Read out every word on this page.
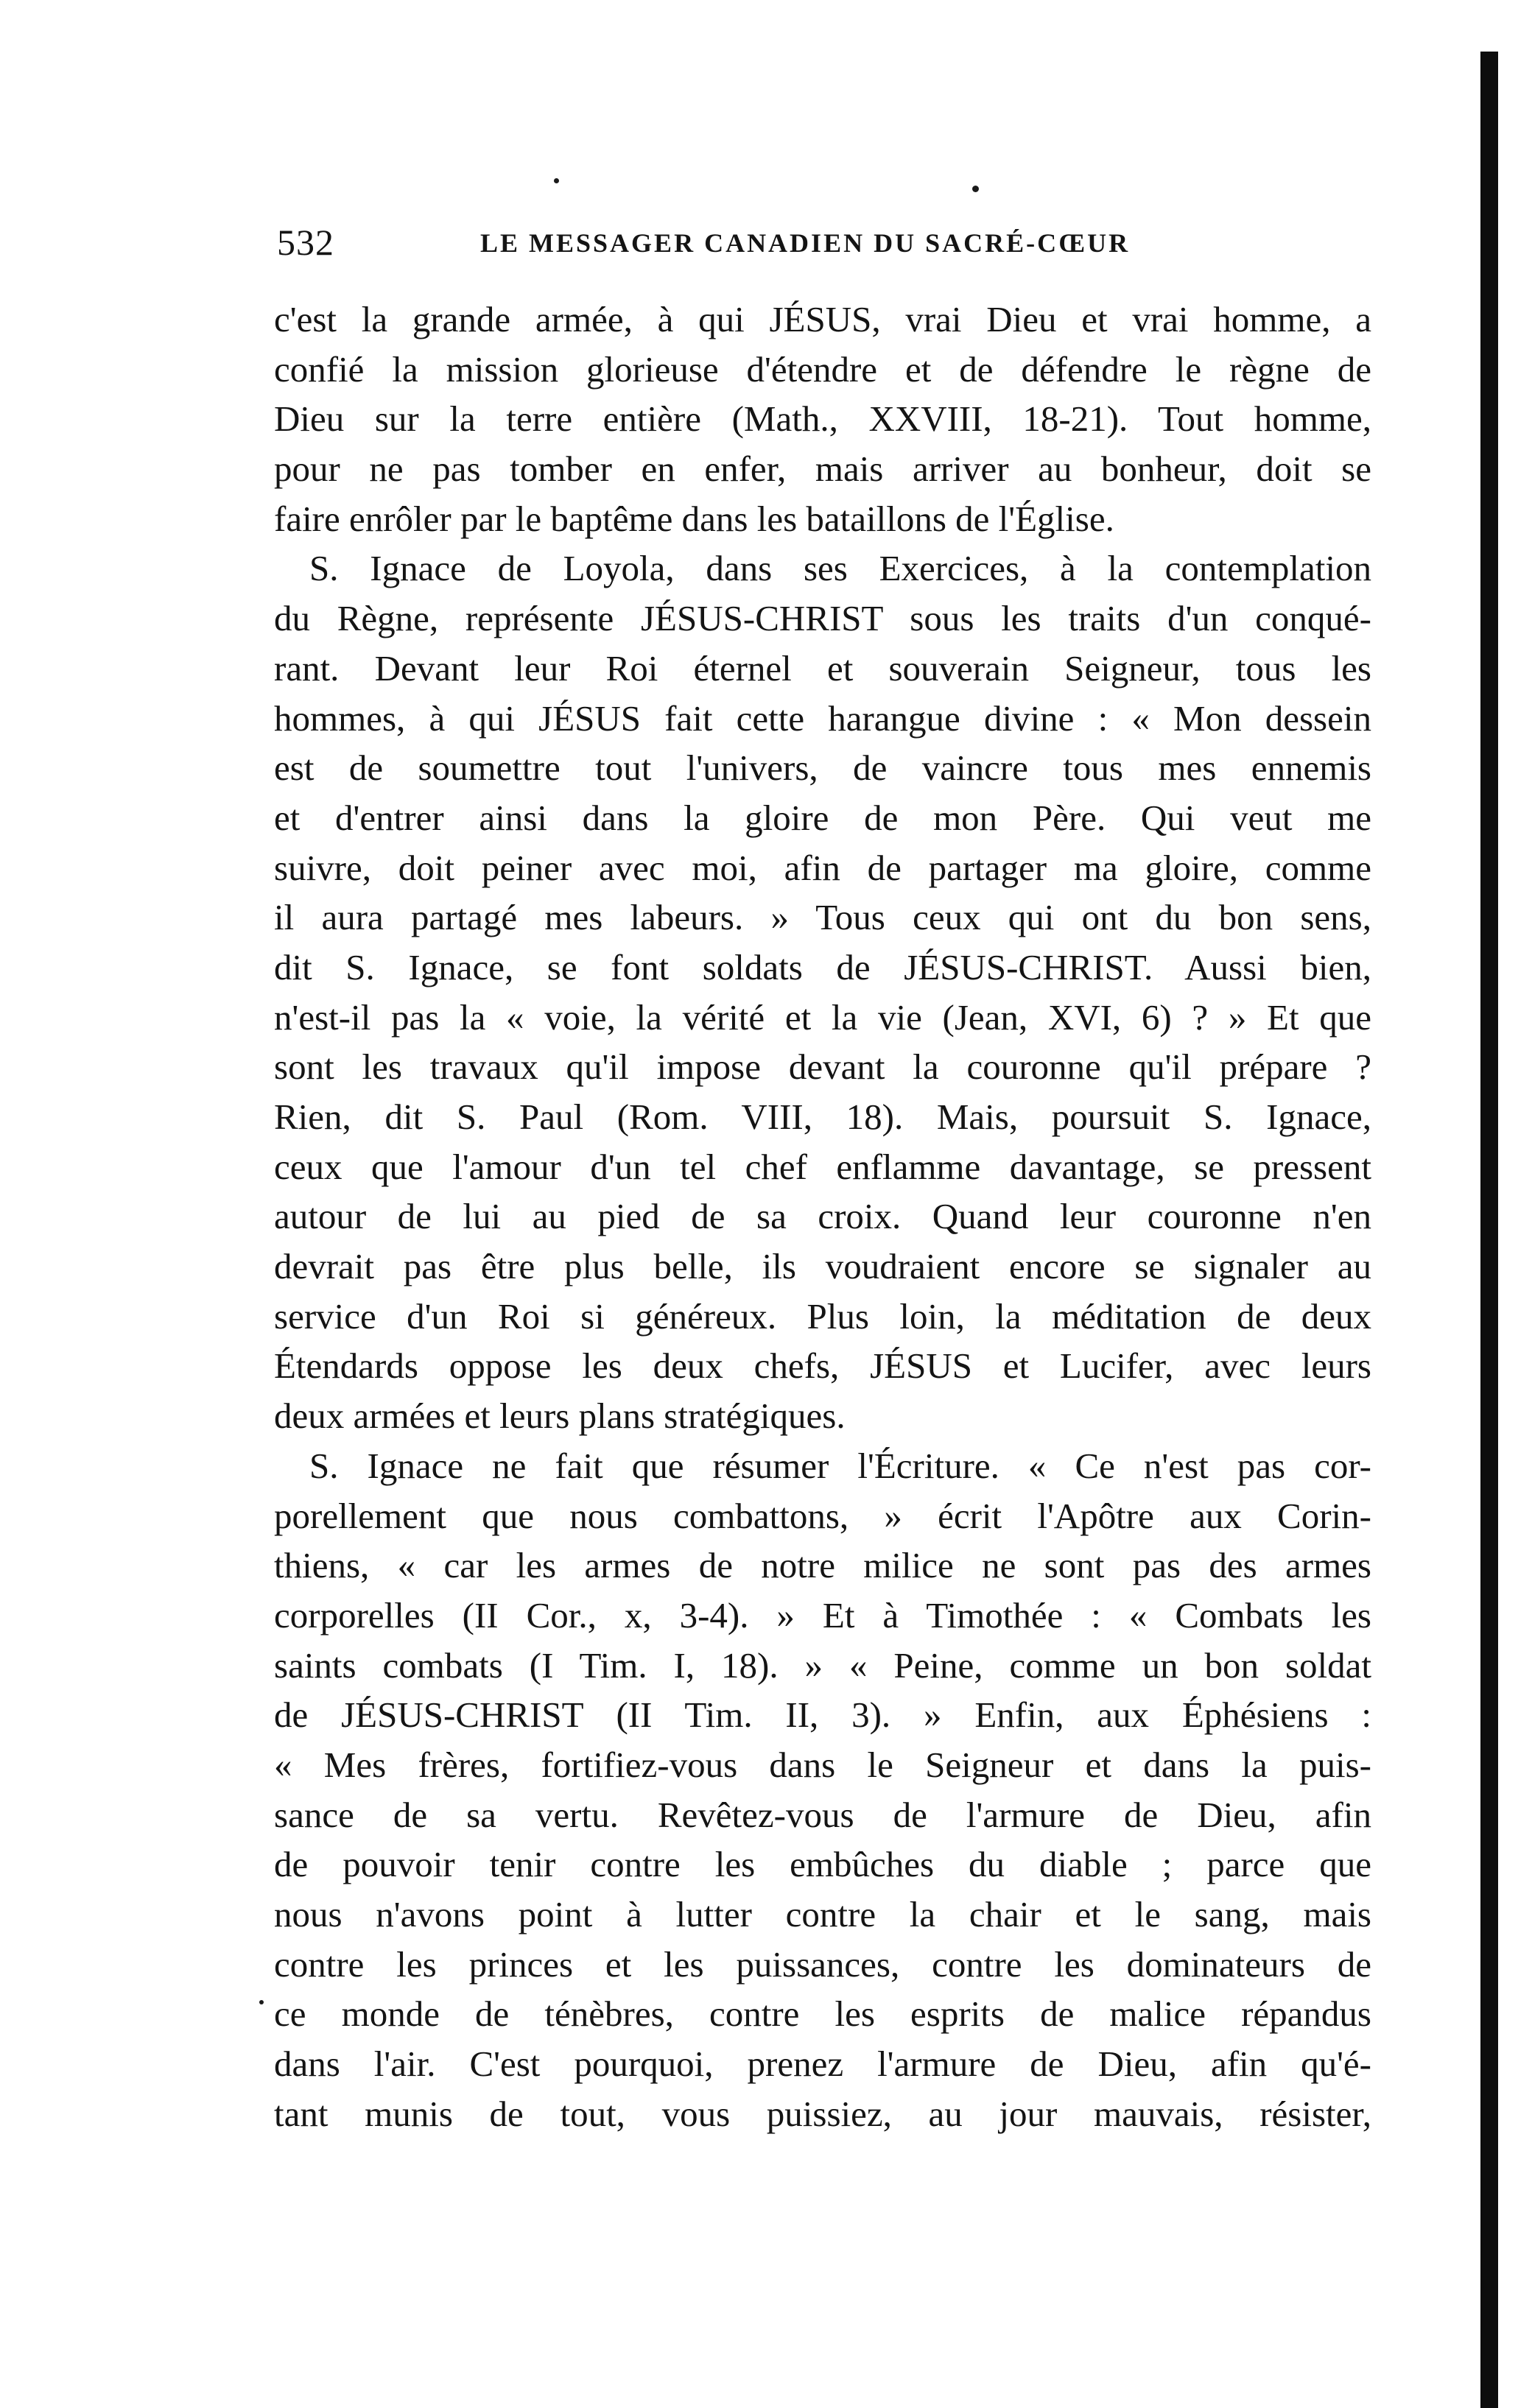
532	LE MESSAGER CANADIEN DU SACRÉ-CŒUR
c'est la grande armée, à qui JÉSUS, vrai Dieu et vrai homme, a
confié la mission glorieuse d'étendre et de défendre le règne de
Dieu sur la terre entière (Math., XXVIII, 18-21). Tout homme,
pour ne pas tomber en enfer, mais arriver au bonheur, doit se
faire enrôler par le baptême dans les bataillons de l'Église.
S. Ignace de Loyola, dans ses Exercices, à la contemplation
du Règne, représente JÉSUS-CHRIST sous les traits d'un conqué-
rant. Devant leur Roi éternel et souverain Seigneur, tous les
hommes, à qui JÉSUS fait cette harangue divine : « Mon dessein
est de soumettre tout l'univers, de vaincre tous mes ennemis
et d'entrer ainsi dans la gloire de mon Père. Qui veut me
suivre, doit peiner avec moi, afin de partager ma gloire, comme
il aura partagé mes labeurs. » Tous ceux qui ont du bon sens,
dit S. Ignace, se font soldats de JÉSUS-CHRIST. Aussi bien,
n'est-il pas la « voie, la vérité et la vie (Jean, XVI, 6) ? » Et que
sont les travaux qu'il impose devant la couronne qu'il prépare ?
Rien, dit S. Paul (Rom. VIII, 18). Mais, poursuit S. Ignace,
ceux que l'amour d'un tel chef enflamme davantage, se pressent
autour de lui au pied de sa croix. Quand leur couronne n'en
devrait pas être plus belle, ils voudraient encore se signaler au
service d'un Roi si généreux. Plus loin, la méditation de deux
Étendards oppose les deux chefs, JÉSUS et Lucifer, avec leurs
deux armées et leurs plans stratégiques.
S. Ignace ne fait que résumer l'Écriture. « Ce n'est pas cor-
porellement que nous combattons, » écrit l'Apôtre aux Corin-
thiens, « car les armes de notre milice ne sont pas des armes
corporelles (II Cor., x, 3-4). » Et à Timothée : « Combats les
saints combats (I Tim. I, 18). » « Peine, comme un bon soldat
de JÉSUS-CHRIST (II Tim. II, 3). » Enfin, aux Éphésiens :
« Mes frères, fortifiez-vous dans le Seigneur et dans la puis-
sance de sa vertu. Revêtez-vous de l'armure de Dieu, afin
de pouvoir tenir contre les embûches du diable ; parce que
nous n'avons point à lutter contre la chair et le sang, mais
contre les princes et les puissances, contre les dominateurs de
ce monde de ténèbres, contre les esprits de malice répandus
dans l'air. C'est pourquoi, prenez l'armure de Dieu, afin qu'é-
tant munis de tout, vous puissiez, au jour mauvais, résister,
